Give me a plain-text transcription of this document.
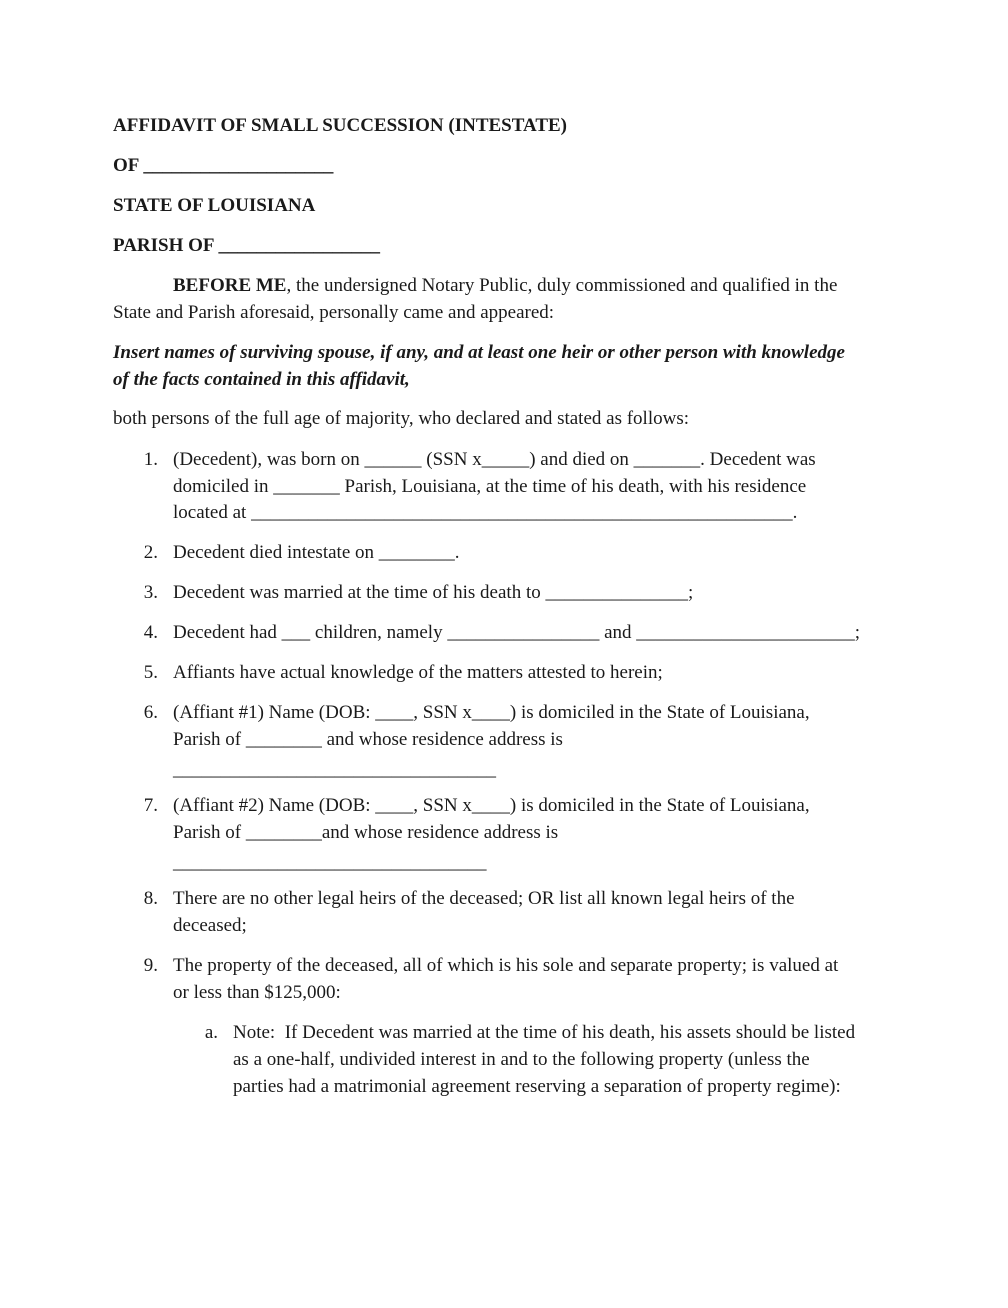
AFFIDAVIT OF SMALL SUCCESSION (INTESTATE)
OF ____________________
STATE OF LOUISIANA
PARISH OF _________________
BEFORE ME, the undersigned Notary Public, duly commissioned and qualified in the
State and Parish aforesaid, personally came and appeared:
Insert names of surviving spouse, if any, and at least one heir or other person with knowledge
of the facts contained in this affidavit,
both persons of the full age of majority, who declared and stated as follows:
1. (Decedent), was born on ______ (SSN x_____) and died on _______. Decedent was
domiciled in _______ Parish, Louisiana, at the time of his death, with his residence
located at _________________________________________________________.
2. Decedent died intestate on ________.
3. Decedent was married at the time of his death to _______________;
4. Decedent had ___ children, namely ________________ and _______________________;
5. Affiants have actual knowledge of the matters attested to herein;
6. (Affiant #1) Name (DOB: ____, SSN x____) is domiciled in the State of Louisiana,
Parish of ________ and whose residence address is
__________________________________
7. (Affiant #2) Name (DOB: ____, SSN x____) is domiciled in the State of Louisiana,
Parish of ________and whose residence address is
_________________________________
8. There are no other legal heirs of the deceased; OR list all known legal heirs of the
deceased;
9. The property of the deceased, all of which is his sole and separate property; is valued at
or less than $125,000:
a. Note:  If Decedent was married at the time of his death, his assets should be listed
as a one-half, undivided interest in and to the following property (unless the
parties had a matrimonial agreement reserving a separation of property regime):
